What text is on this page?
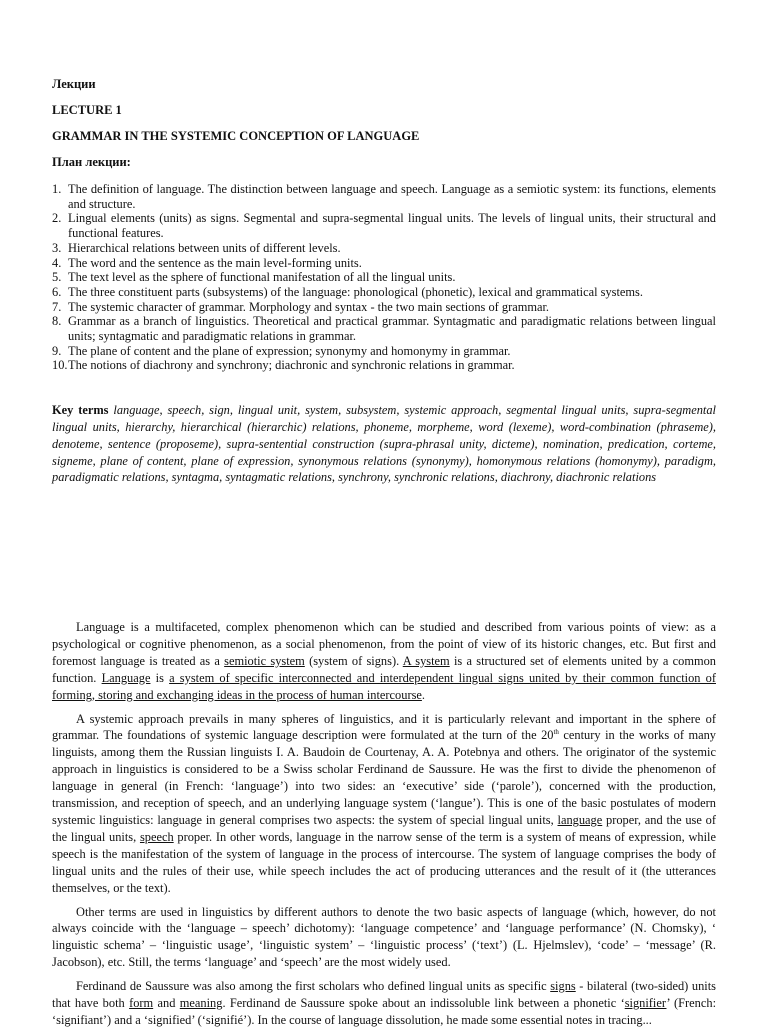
Лекции

LECTURE 1

GRAMMAR IN THE SYSTEMIC CONCEPTION OF LANGUAGE

План лекции:

1. The definition of language. The distinction between language and speech. Language as a semiotic system: its functions, elements and structure.
2. Lingual elements (units) as signs. Segmental and supra-segmental lingual units. The levels of lingual units, their structural and functional features.
3. Hierarchical relations between units of different levels.
4. The word and the sentence as the main level-forming units.
5. The text level as the sphere of functional manifestation of all the lingual units.
6. The three constituent parts (subsystems) of the language: phonological (phonetic), lexical and grammatical systems.
7. The systemic character of grammar. Morphology and syntax - the two main sections of grammar.
8. Grammar as a branch of linguistics. Theoretical and practical grammar. Syntagmatic and paradigmatic relations between lingual units; syntagmatic and paradigmatic relations in grammar.
9. The plane of content and the plane of expression; synonymy and homonymy in grammar.
10. The notions of diachrony and synchrony; diachronic and synchronic relations in grammar.

Key terms language, speech, sign, lingual unit, system, subsystem, systemic approach, segmental lingual units, supra-segmental lingual units, hierarchy, hierarchical (hierarchic) relations, phoneme, morpheme, word (lexeme), word-combination (phraseme), denoteme, sentence (proposeme), supra-sentential construction (supra-phrasal unity, dicteme), nomination, predication, corteme, signeme, plane of content, plane of expression, synonymous relations (synonymy), homonymous relations (homonymy), paradigm, paradigmatic relations, syntagma, syntagmatic relations, synchrony, synchronic relations, diachrony, diachronic relations

Language is a multifaceted, complex phenomenon which can be studied and described from various points of view: as a psychological or cognitive phenomenon, as a social phenomenon, from the point of view of its historic changes, etc. But first and foremost language is treated as a semiotic system (system of signs). A system is a structured set of elements united by a common function. Language is a system of specific interconnected and interdependent lingual signs united by their common function of forming, storing and exchanging ideas in the process of human intercourse.

A systemic approach prevails in many spheres of linguistics, and it is particularly relevant and important in the sphere of grammar. The foundations of systemic language description were formulated at the turn of the 20th century in the works of many linguists, among them the Russian linguists I. A. Baudoin de Courtenay, A. A. Potebnya and others. The originator of the systemic approach in linguistics is considered to be a Swiss scholar Ferdinand de Saussure. He was the first to divide the phenomenon of language in general (in French: ‘language’) into two sides: an ‘executive’ side (‘parole’), concerned with the production, transmission, and reception of speech, and an underlying language system (‘langue’). This is one of the basic postulates of modern systemic linguistics: language in general comprises two aspects: the system of special lingual units, language proper, and the use of the lingual units, speech proper. In other words, language in the narrow sense of the term is a system of means of expression, while speech is the manifestation of the system of language in the process of intercourse. The system of language comprises the body of lingual units and the rules of their use, while speech includes the act of producing utterances and the result of it (the utterances themselves, or the text).

Other terms are used in linguistics by different authors to denote the two basic aspects of language (which, however, do not always coincide with the ‘language – speech’ dichotomy): ‘language competence’ and ‘language performance’ (N. Chomsky), ‘ linguistic schema’ – ‘linguistic usage’, ‘linguistic system’ – ‘linguistic process’ (‘text’) (L. Hjelmslev), ‘code’ – ‘message’ (R. Jacobson), etc. Still, the terms ‘language’ and ‘speech’ are the most widely used.

Ferdinand de Saussure was also among the first scholars who defined lingual units as specific signs - bilateral (two-sided) units that have both form and meaning. Ferdinand de Saussure spoke about an indissoluble link between a phonetic ‘signifier’ (French: ‘signifiant’) and a ‘signified’ (‘signifié’). In the course of language dissolution, he made some essential notes in tracing...
